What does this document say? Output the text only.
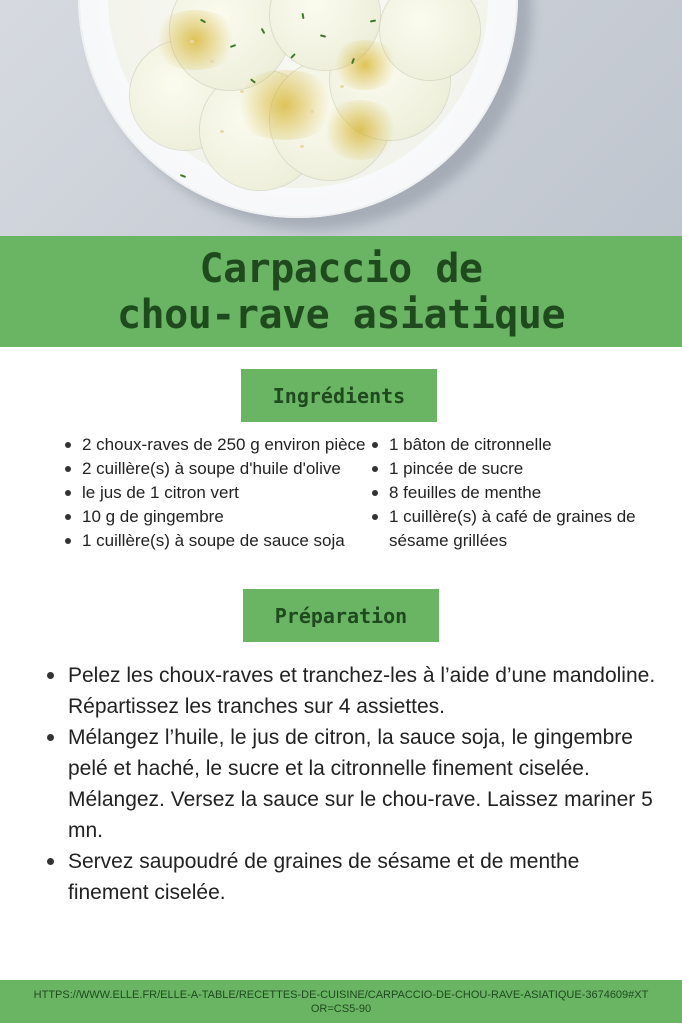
Carpaccio de
chou-rave asiatique
Ingrédients
2 choux-raves de 250 g environ pièce
2 cuillère(s) à soupe d'huile d'olive
le jus de 1 citron vert
10 g de gingembre
1 cuillère(s) à soupe de sauce soja
1 bâton de citronnelle
1 pincée de sucre
8 feuilles de menthe
1 cuillère(s) à café de graines de sésame grillées
Préparation
Pelez les choux-raves et tranchez-les à l’aide d’une mandoline. Répartissez les tranches sur 4 assiettes.
Mélangez l’huile, le jus de citron, la sauce soja, le gingembre pelé et haché, le sucre et la citronnelle finement ciselée. Mélangez. Versez la sauce sur le chou-rave. Laissez mariner 5 mn.
Servez saupoudré de graines de sésame et de menthe finement ciselée.

HTTPS://WWW.ELLE.FR/ELLE-A-TABLE/RECETTES-DE-CUISINE/CARPACCIO-DE-CHOU-RAVE-ASIATIQUE-3674609#XTOR=CS5-90
